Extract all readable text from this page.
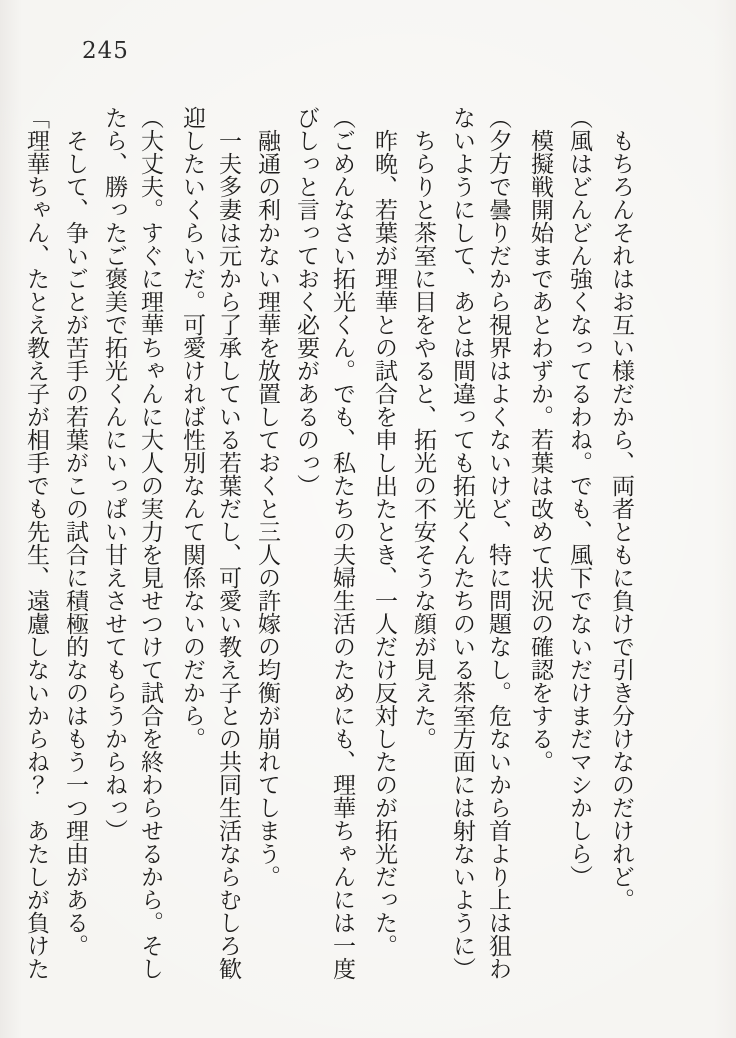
245

もちろんそれはお互い様だから、両者ともに負けで引き分けなのだけれど。

（風はどんどん強くなってるわね。でも、風下でないだけまだマシかしら）

模擬戦開始まであとわずか。若葉は改めて状況の確認をする。

（夕方で曇りだから視界はよくないけど、特に問題なし。危ないから首より上は狙わ

ないようにして、あとは間違っても拓光くんたちのいる茶室方面には射ないように）

ちらりと茶室に目をやると、拓光の不安そうな顔が見えた。

昨晩、若葉が理華との試合を申し出たとき、一人だけ反対したのが拓光だった。

（ごめんなさい拓光くん。でも、私たちの夫婦生活のためにも、理華ちゃんには一度

びしっと言っておく必要があるのっ）

融通の利かない理華を放置しておくと三人の許嫁の均衡が崩れてしまう。

一夫多妻は元から了承している若葉だし、可愛い教え子との共同生活ならむしろ歓

迎したいくらいだ。可愛ければ性別なんて関係ないのだから。

（大丈夫。すぐに理華ちゃんに大人の実力を見せつけて試合を終わらせるから。そし

たら、勝ったご褒美で拓光くんにいっぱい甘えさせてもらうからねっ）

そして、争いごとが苦手の若葉がこの試合に積極的なのはもう一つ理由がある。

「理華ちゃん、たとえ教え子が相手でも先生、遠慮しないからね？　あたしが負けた
